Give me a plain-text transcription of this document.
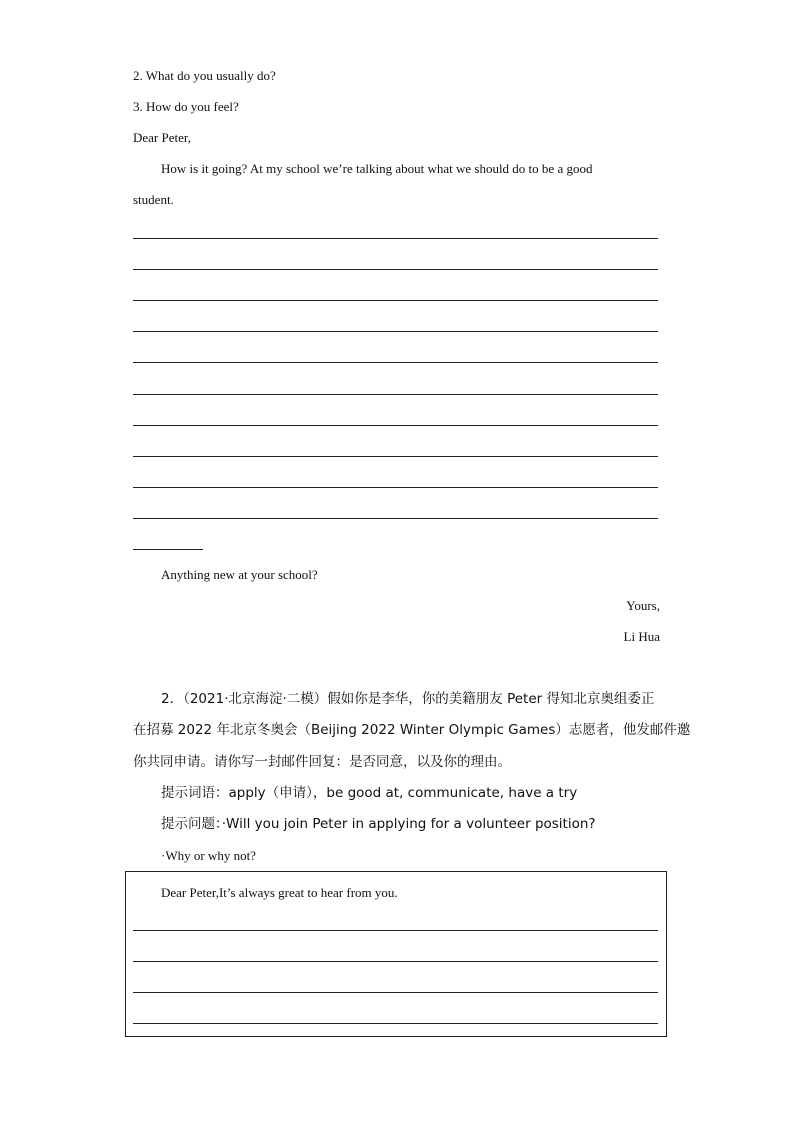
2. What do you usually do?
3. How do you feel?
Dear Peter,
How is it going? At my school we’re talking about what we should do to be a good
student.
Anything new at your school?
Yours,
Li Hua
2．（2021·北京海淀·二模）假如你是李华，你的美籍朋友 Peter 得知北京奥组委正
在招募 2022 年北京冬奥会（Beijing 2022 Winter Olympic Games）志愿者，他发邮件邀
你共同申请。请你写一封邮件回复：是否同意，以及你的理由。
提示词语：apply（申请），be good at, communicate, have a try
提示问题：·Will you join Peter in applying for a volunteer position?
·Why or why not?
Dear Peter,It’s always great to hear from you.
